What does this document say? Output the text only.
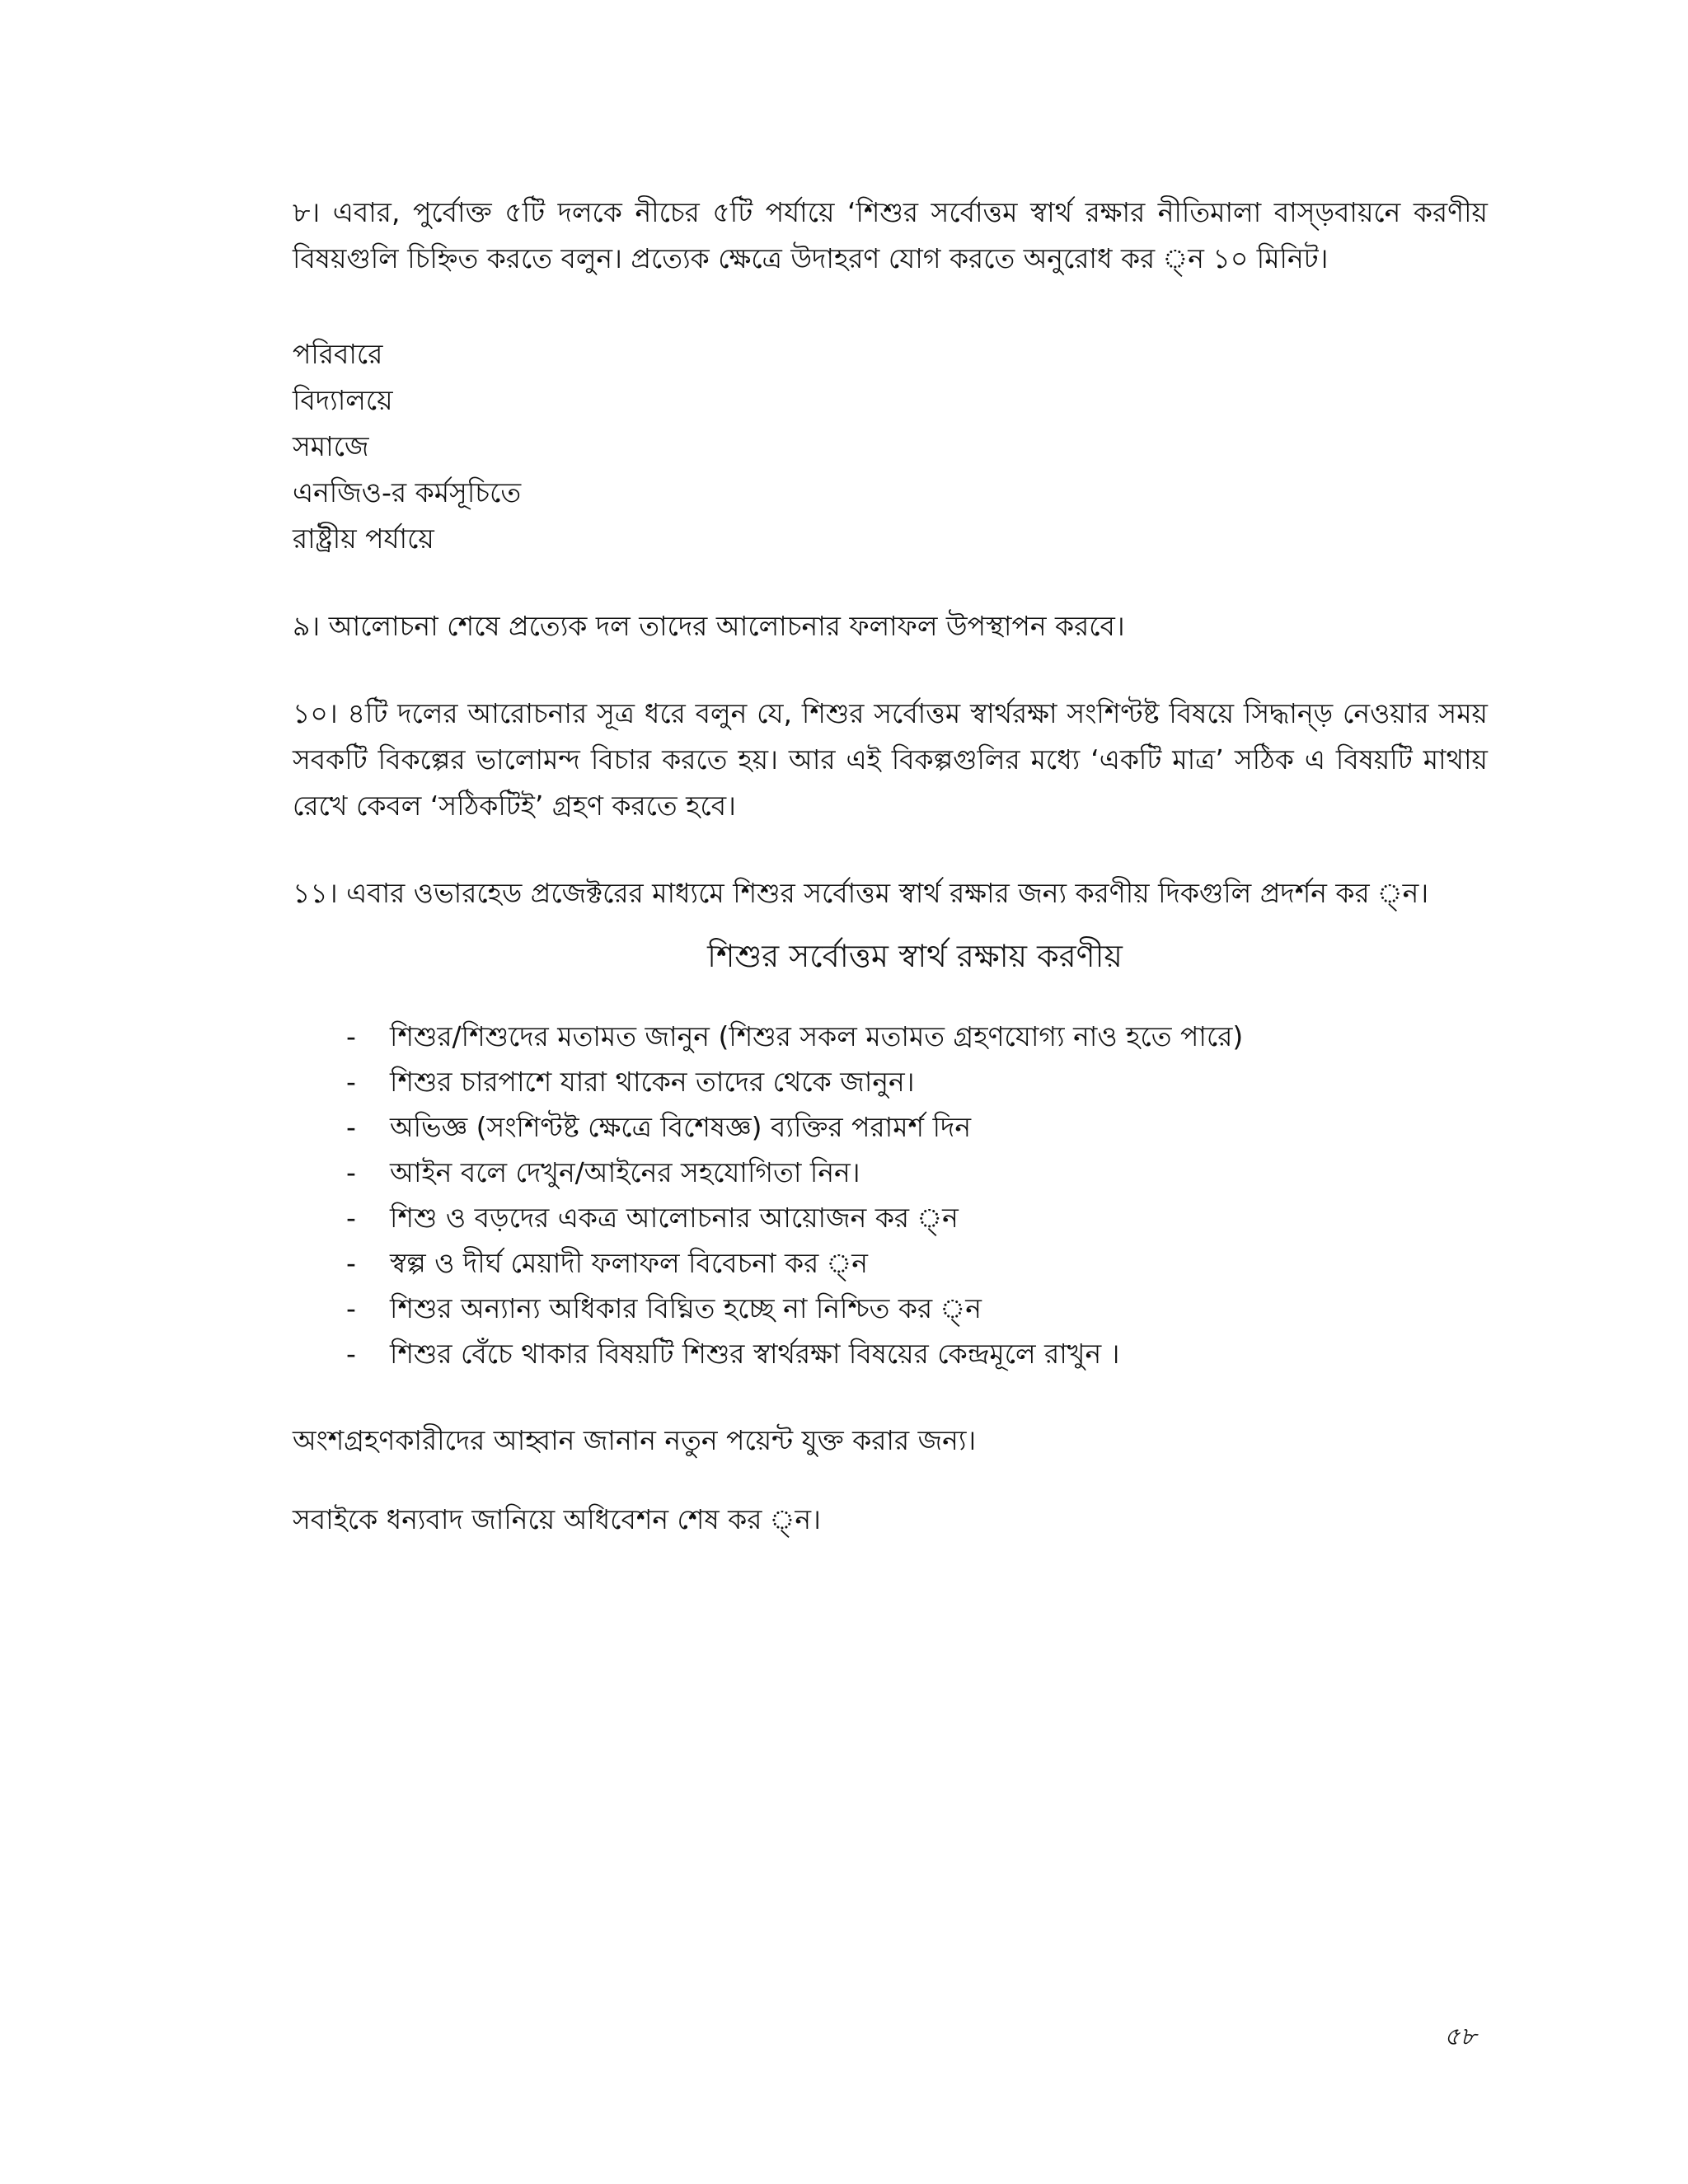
৮। এবার, পুর্বোক্ত ৫টি দলকে নীচের ৫টি পর্যায়ে ‘শিশুর সর্বোত্তম স্বার্থ রক্ষার নীতিমালা বাস্ড়বায়নে করণীয় বিষয়গুলি চিহ্নিত করতে বলুন। প্রত্যেক ক্ষেত্রে উদাহরণ যোগ করতে অনুরোধ কর ্ন ১০ মিনিট।

পরিবারে
বিদ্যালয়ে
সমাজে
এনজিও-র কর্মসূচিতে
রাষ্ট্রীয় পর্যায়ে

৯। আলোচনা শেষে প্রত্যেক দল তাদের আলোচনার ফলাফল উপস্থাপন করবে।

১০। ৪টি দলের আরোচনার সূত্র ধরে বলুন যে, শিশুর সর্বোত্তম স্বার্থরক্ষা সংশিণ্টষ্ট বিষয়ে সিদ্ধান্ড় নেওয়ার সময় সবকটি বিকল্পের ভালোমন্দ বিচার করতে হয়। আর এই বিকল্পগুলির মধ্যে ‘একটি মাত্র’ সঠিক এ বিষয়টি মাথায় রেখে কেবল ‘সঠিকটিই’ গ্রহণ করতে হবে।

১১। এবার ওভারহেড প্রজেক্টরের মাধ্যমে শিশুর সর্বোত্তম স্বার্থ রক্ষার জন্য করণীয় দিকগুলি প্রদর্শন কর ্ন।

শিশুর সর্বোত্তম স্বার্থ রক্ষায় করণীয়
- শিশুর/শিশুদের মতামত জানুন (শিশুর সকল মতামত গ্রহণযোগ্য নাও হতে পারে)
- শিশুর চারপাশে যারা থাকেন তাদের থেকে জানুন।
- অভিজ্ঞ (সংশিণ্টষ্ট ক্ষেত্রে বিশেষজ্ঞ) ব্যক্তির পরামর্শ দিন
- আইন বলে দেখুন/আইনের সহযোগিতা নিন।
- শিশু ও বড়দের একত্র আলোচনার আয়োজন কর ্ন
- স্বল্প ও দীর্ঘ মেয়াদী ফলাফল বিবেচনা কর ্ন
- শিশুর অন্যান্য অধিকার বিঘ্নিত হচ্ছে না নিশ্চিত কর ্ন
- শিশুর বেঁচে থাকার বিষয়টি শিশুর স্বার্থরক্ষা বিষয়ের কেন্দ্রমূলে রাখুন ।

অংশগ্রহণকারীদের আহ্বান জানান নতুন পয়েন্ট যুক্ত করার জন্য।

সবাইকে ধন্যবাদ জানিয়ে অধিবেশন শেষ কর ্ন।

৫৮
